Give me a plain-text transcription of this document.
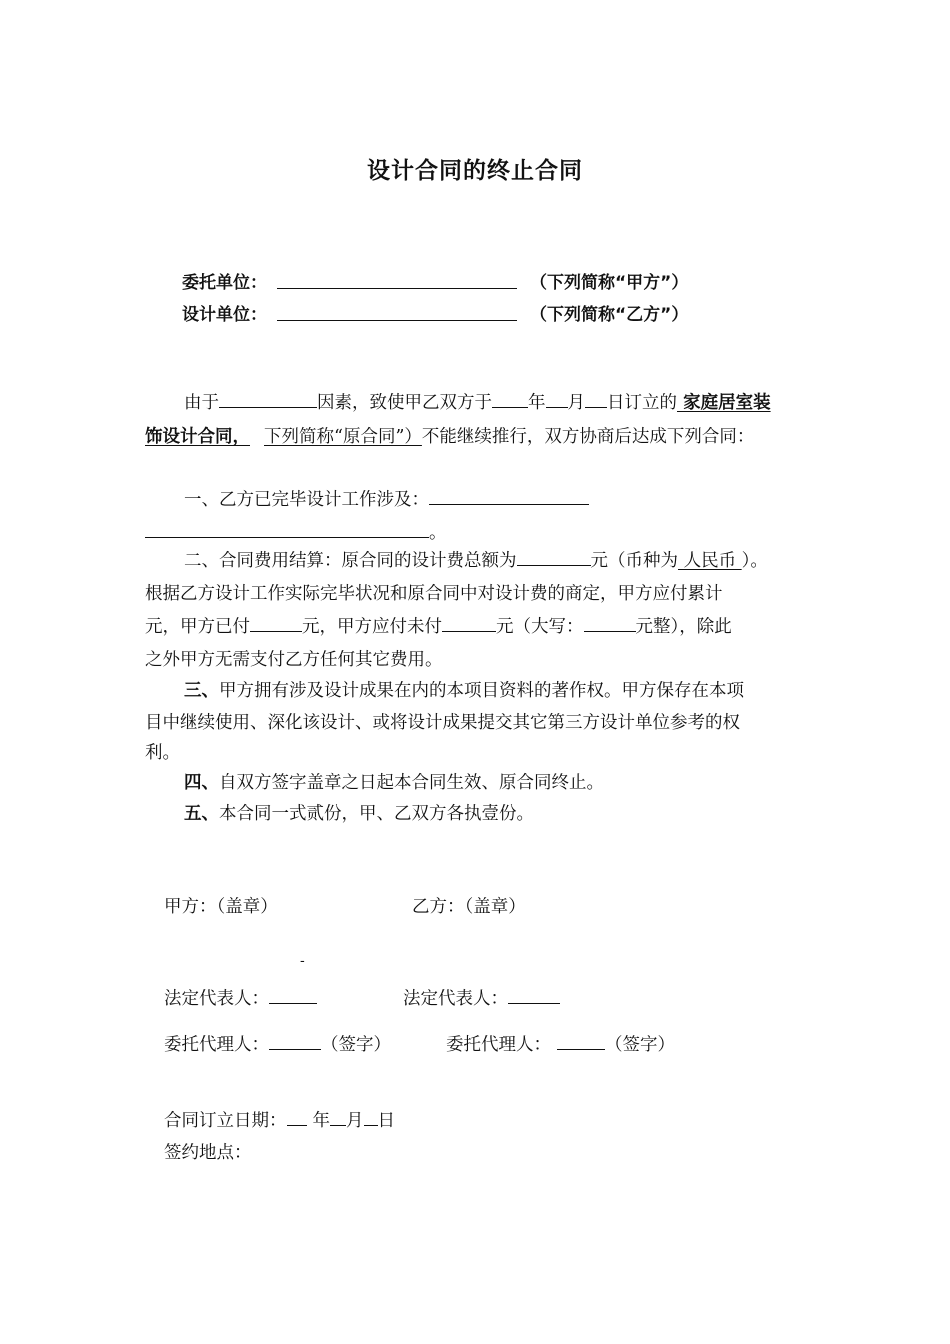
设计合同的终止合同
委托单位：	（下列简称“甲方”）
设计单位：	（下列简称“乙方”）
由于	因素，致使甲乙双方于 年 月 日订立的 家庭居室装
饰设计合同， 下列简称“原合同”）不能继续推行，双方协商后达成下列合同：
一、乙方已完毕设计工作涉及：
。
二、合同费用结算：原合同的设计费总额为	元（币种为 人民币 ）。
根据乙方设计工作实际完毕状况和原合同中对设计费的商定，甲方应付累计
元，甲方已付	元，甲方应付未付	元（大写：	元整），除此
之外甲方无需支付乙方任何其它费用。
三、甲方拥有涉及设计成果在内的本项目资料的著作权。甲方保存在本项
目中继续使用、深化该设计、或将设计成果提交其它第三方设计单位参考的权
利。
四、自双方签字盖章之日起本合同生效、原合同终止。
五、本合同一式贰份，甲、乙双方各执壹份。
甲方：（盖章）	乙方：（盖章）
-
法定代表人：	法定代表人：
委托代理人：	（签字）	委托代理人：	（签字）
合同订立日期： 年 月 日
签约地点：
